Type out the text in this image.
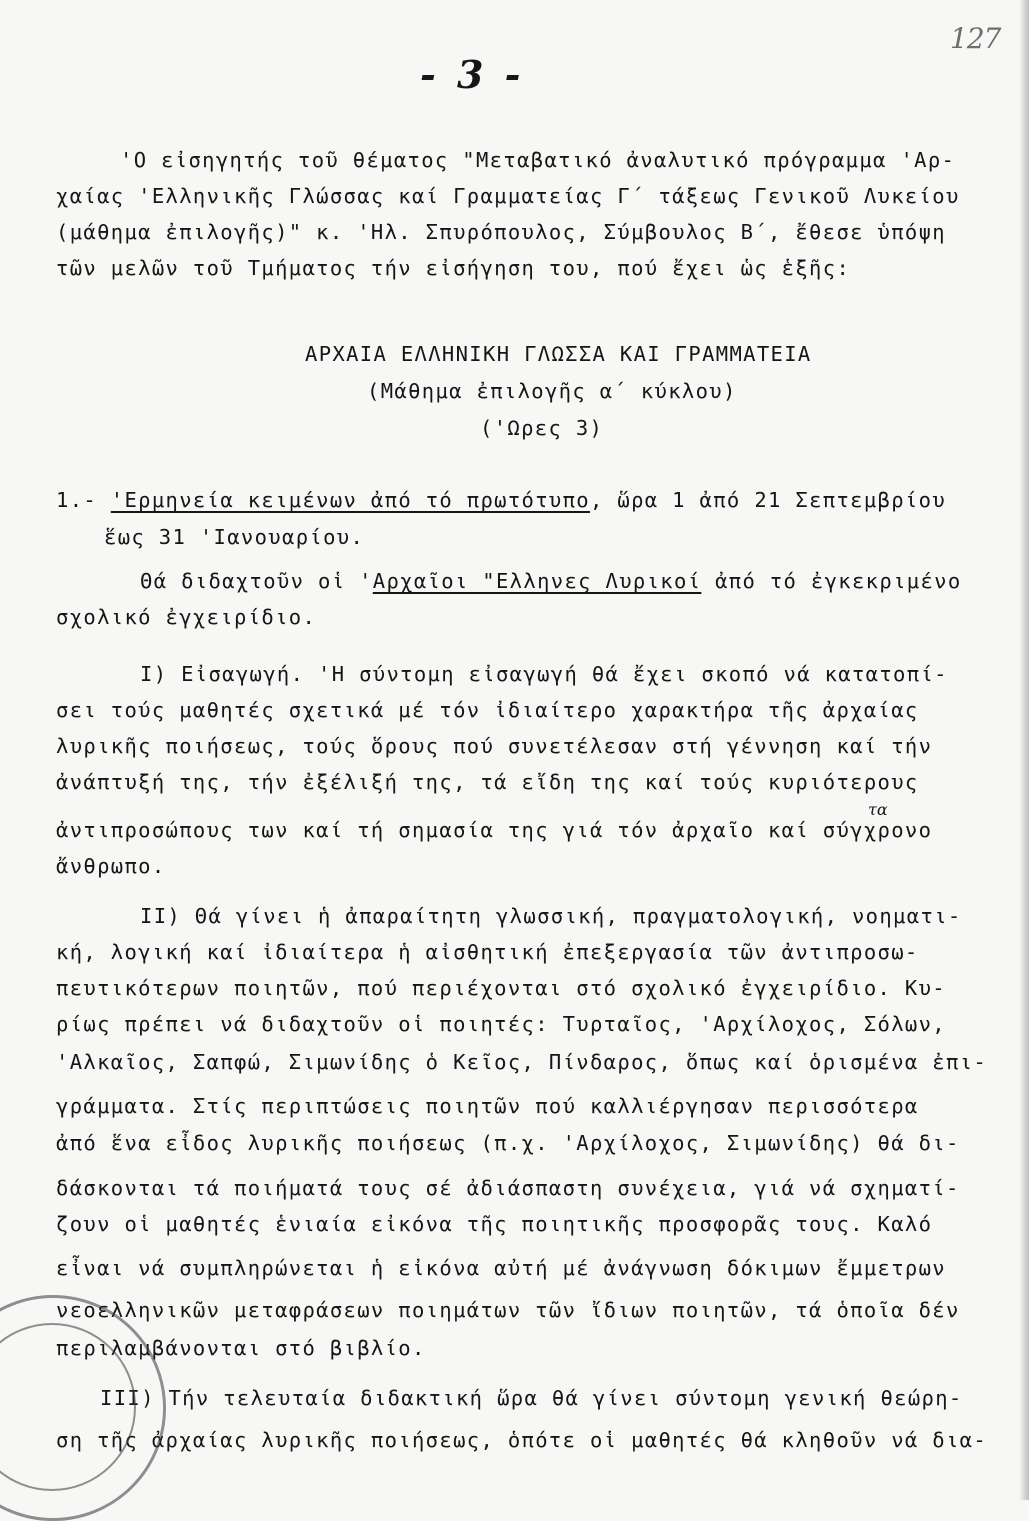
127
- 3 -
'Ο εἰσηγητής τοῦ θέματος "Μεταβατικό ἀναλυτικό πρόγραμμα 'Αρ-
χαίας 'Ελληνικῆς Γλώσσας καί Γραμματείας Γ΄ τάξεως Γενικοῦ Λυκείου
(μάθημα ἐπιλογῆς)" κ. 'Ηλ. Σπυρόπουλος, Σύμβουλος Β΄, ἔθεσε ὑπόψη
τῶν μελῶν τοῦ Τμήματος τήν εἰσήγηση του, πού ἔχει ὡς ἑξῆς:
ΑΡΧΑΙΑ ΕΛΛΗΝΙΚΗ ΓΛΩΣΣΑ ΚΑΙ ΓΡΑΜΜΑΤΕΙΑ
(Μάθημα ἐπιλογῆς α΄ κύκλου)
('Ωρες 3)
1.- 'Ερμηνεία κειμένων ἀπό τό πρωτότυπο, ὥρα 1 ἀπό 21 Σεπτεμβρίου
ἕως 31 'Ιανουαρίου.
Θά διδαχτοῦν οἱ 'Αρχαῖοι "Ελληνες Λυρικοί ἀπό τό ἐγκεκριμένο
σχολικό ἐγχειρίδιο.
I) Εἰσαγωγή. 'Η σύντομη εἰσαγωγή θά ἔχει σκοπό νά κατατοπί-
σει τούς μαθητές σχετικά μέ τόν ἰδιαίτερο χαρακτήρα τῆς ἀρχαίας
λυρικῆς ποιήσεως, τούς ὅρους πού συνετέλεσαν στή γέννηση καί τήν
ἀνάπτυξή της, τήν ἐξέλιξή της, τά εἴδη της καί τούς κυριότερους
τα
ἀντιπροσώπους των καί τή σημασία της γιά τόν ἀρχαῖο καί σύγχρονο
ἄνθρωπο.
II) Θά γίνει ἡ ἀπαραίτητη γλωσσική, πραγματολογική, νοηματι-
κή, λογική καί ἰδιαίτερα ἡ αἰσθητική ἐπεξεργασία τῶν ἀντιπροσω-
πευτικότερων ποιητῶν, πού περιέχονται στό σχολικό ἐγχειρίδιο. Κυ-
ρίως πρέπει νά διδαχτοῦν οἱ ποιητές: Τυρταῖος, 'Αρχίλοχος, Σόλων,
'Αλκαῖος, Σαπφώ, Σιμωνίδης ὁ Κεῖος, Πίνδαρος, ὅπως καί ὁρισμένα ἐπι-
γράμματα. Στίς περιπτώσεις ποιητῶν πού καλλιέργησαν περισσότερα
ἀπό ἕνα εἶδος λυρικῆς ποιήσεως (π.χ. 'Αρχίλοχος, Σιμωνίδης) θά δι-
δάσκονται τά ποιήματά τους σέ ἀδιάσπαστη συνέχεια, γιά νά σχηματί-
ζουν οἱ μαθητές ἑνιαία εἰκόνα τῆς ποιητικῆς προσφορᾶς τους. Καλό
εἶναι νά συμπληρώνεται ἡ εἰκόνα αὐτή μέ ἀνάγνωση δόκιμων ἔμμετρων
νεοελληνικῶν μεταφράσεων ποιημάτων τῶν ἴδιων ποιητῶν, τά ὁποῖα δέν
περιλαμβάνονται στό βιβλίο.
III) Τήν τελευταία διδακτική ὥρα θά γίνει σύντομη γενική θεώρη-
ση τῆς ἀρχαίας λυρικῆς ποιήσεως, ὁπότε οἱ μαθητές θά κληθοῦν νά δια-
